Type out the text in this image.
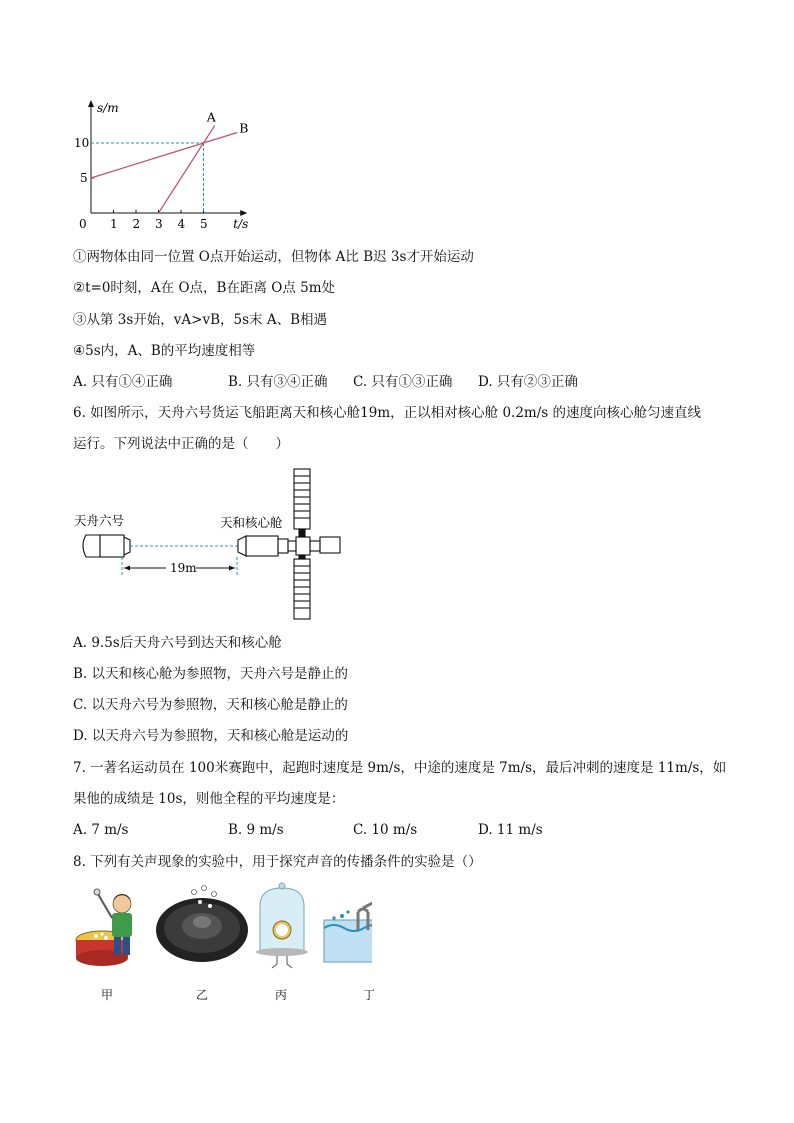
0 1 2 3 4 5
5
10
s/m
t/s
A
B
①两物体由同一位置 O点开始运动，但物体 A比 B迟 3s才开始运动
②t=0时刻，A在 O点，B在距离 O点 5m处
③从第 3s开始，vA>vB，5s末 A、B相遇
④5s内，A、B的平均速度相等
A. 只有①④正确	B. 只有③④正确 C. 只有①③正确 D. 只有②③正确
6. 如图所示，天舟六号货运飞船距离天和核心舱19m，正以相对核心舱 0.2m/s 的速度向核心舱匀速直线
运行。下列说法中正确的是（　　）
天舟六号	天和核心舱
19m
A. 9.5s后天舟六号到达天和核心舱
B. 以天和核心舱为参照物，天舟六号是静止的
C. 以天舟六号为参照物，天和核心舱是静止的
D. 以天舟六号为参照物，天和核心舱是运动的
7. 一著名运动员在 100米赛跑中，起跑时速度是 9m/s，中途的速度是 7m/s，最后冲刺的速度是 11m/s，如
果他的成绩是 10s，则他全程的平均速度是：
A. 7 m/s	B. 9 m/s	C. 10 m/s	D. 11 m/s
8. 下列有关声现象的实验中，用于探究声音的传播条件的实验是（）
甲	乙	丙	丁
